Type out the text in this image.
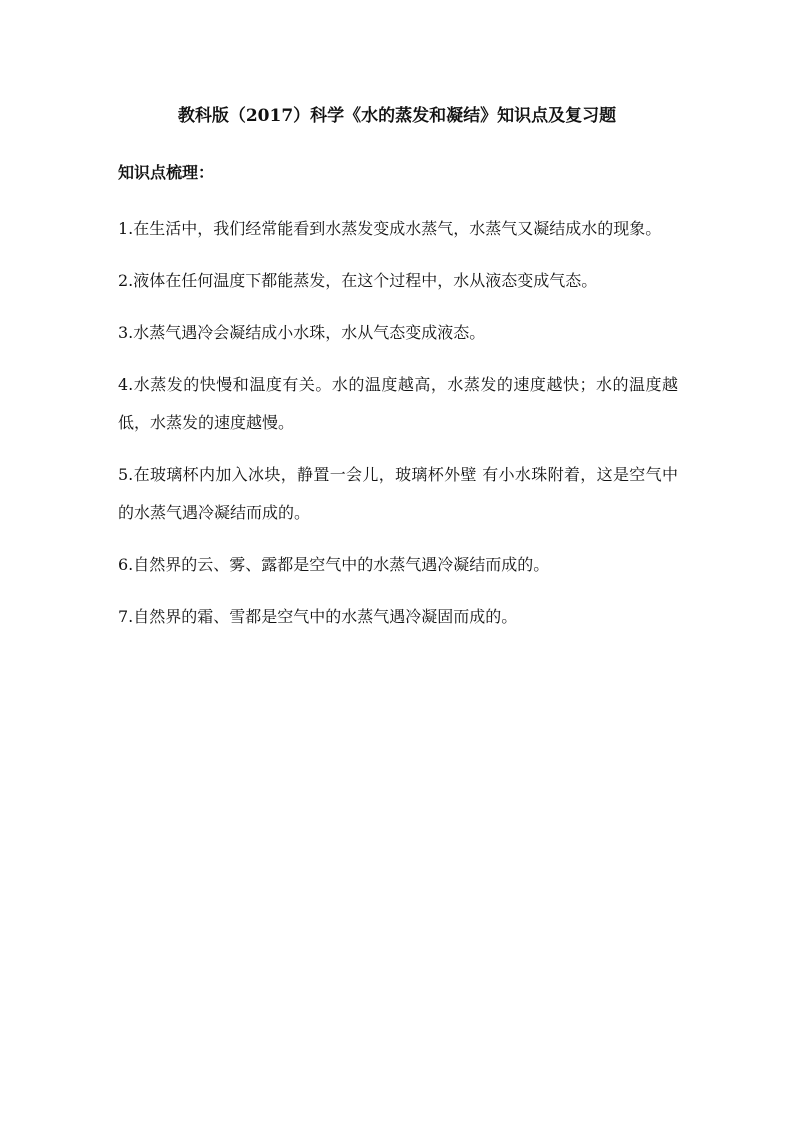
教科版（2017）科学《水的蒸发和凝结》知识点及复习题
知识点梳理：
1.在生活中，我们经常能看到水蒸发变成水蒸气，水蒸气又凝结成水的现象。
2.液体在任何温度下都能蒸发，在这个过程中，水从液态变成气态。
3.水蒸气遇冷会凝结成小水珠，水从气态变成液态。
4.水蒸发的快慢和温度有关。水的温度越高，水蒸发的速度越快；水的温度越低，水蒸发的速度越慢。
5.在玻璃杯内加入冰块，静置一会儿，玻璃杯外壁 有小水珠附着，这是空气中的水蒸气遇冷凝结而成的。
6.自然界的云、雾、露都是空气中的水蒸气遇冷凝结而成的。
7.自然界的霜、雪都是空气中的水蒸气遇冷凝固而成的。
